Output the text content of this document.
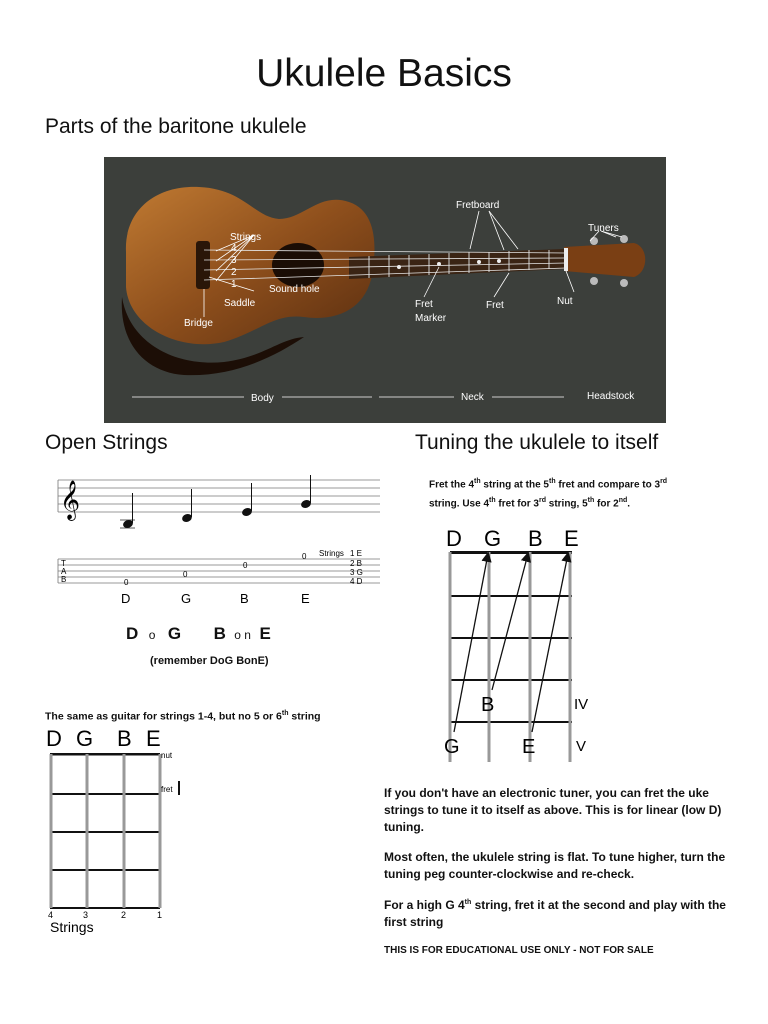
Ukulele Basics
Parts of the baritone ukulele
Fretboard
Tuners
Strings
4
3
2
1	Sound hole
Saddle
Bridge
Fret
Marker
Fret	Nut
Body	Neck	Headstock
Open Strings	Tuning the ukulele to itself
𝄞
T
A
B	0
0
0
0 Strings 1 E
2 B
3 G
4 D
D	G	B	E
D o G B o n E
(remember DoG BonE)
The same as guitar for strings 1-4, but no 5 or 6th string
D G B E
nut
fret
4	3	2	1
Strings
Fret the 4th string at the 5th fret and compare to 3rd
string. Use 4th fret for 3rd string, 5th for 2nd.
D G B E
B
G	E
IV
V
If you don't have an electronic tuner, you can fret the uke strings to tune it to itself as above. This is for linear (low D) tuning.
Most often, the ukulele string is flat. To tune higher, turn the tuning peg counter-clockwise and re-check.
For a high G 4th string, fret it at the second and play with the first string
THIS IS FOR EDUCATIONAL USE ONLY - NOT FOR SALE
